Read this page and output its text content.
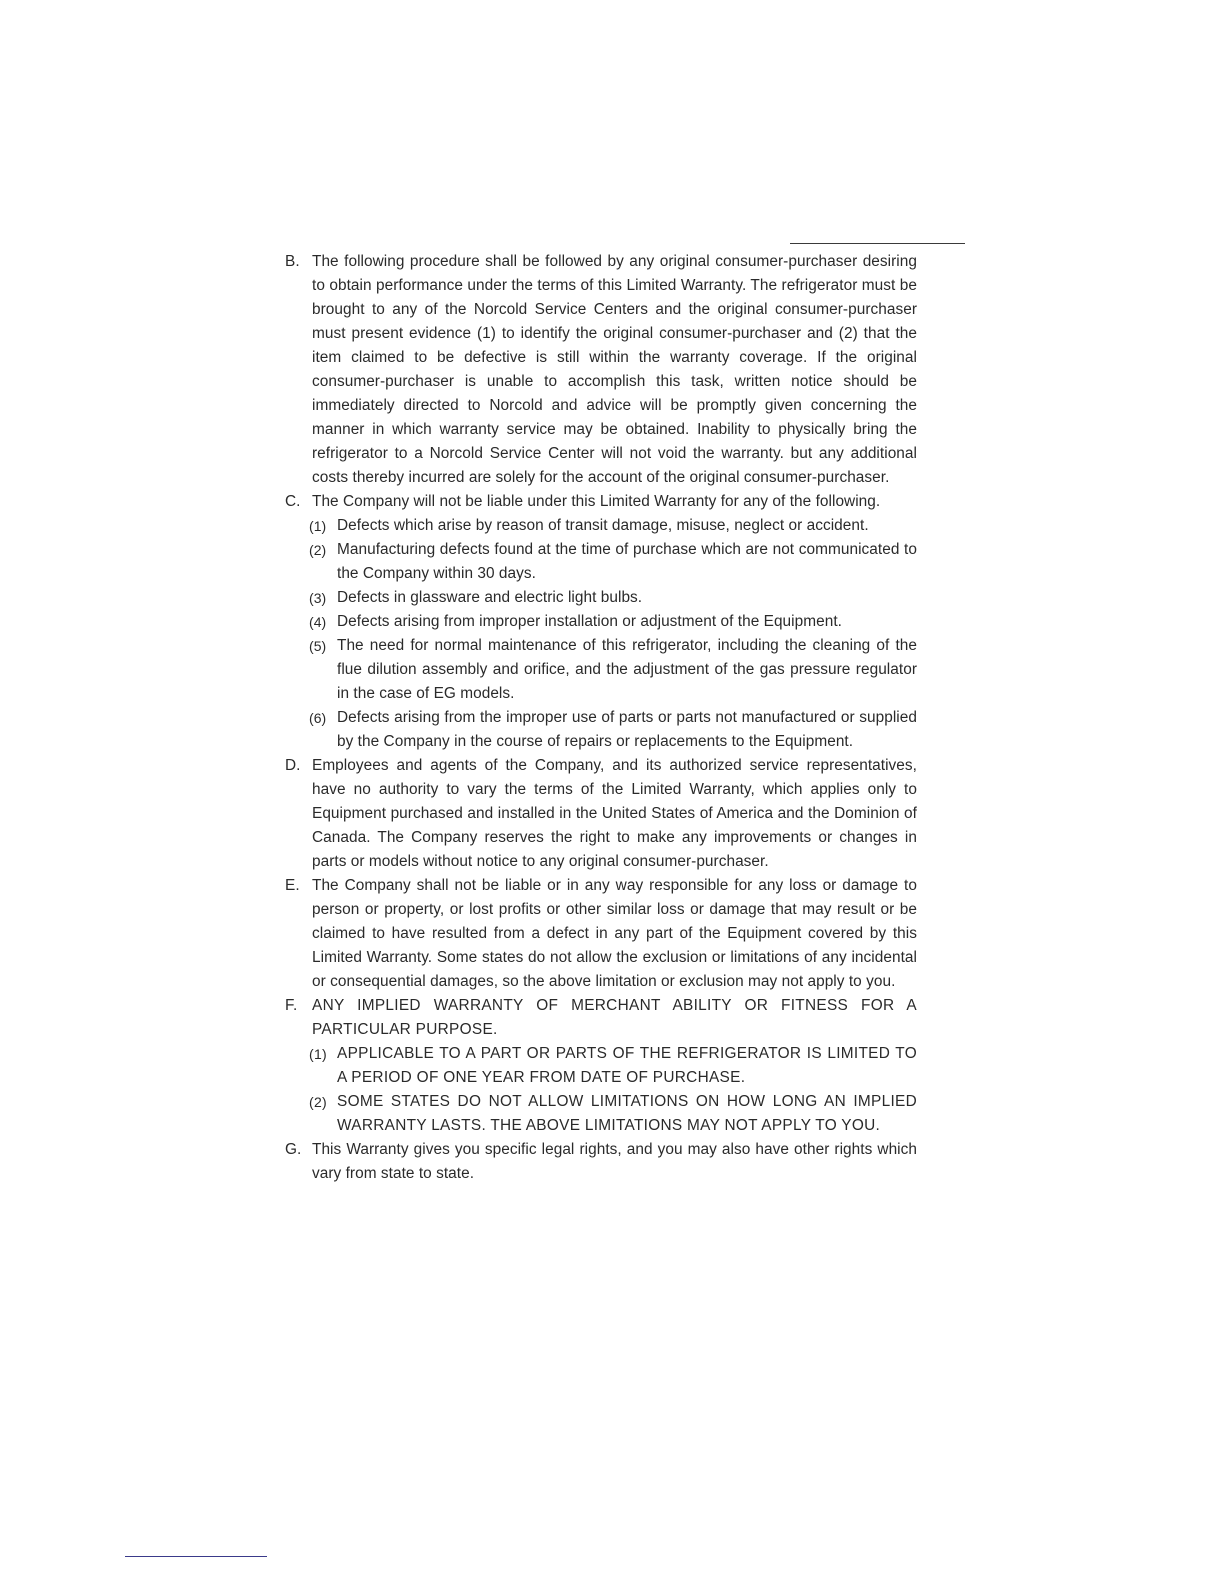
B. The following procedure shall be followed by any original consumer-purchaser desiring to obtain performance under the terms of this Limited Warranty. The refrigerator must be brought to any of the Norcold Service Centers and the original consumer-purchaser must present evidence (1) to identify the original consumer-purchaser and (2) that the item claimed to be defective is still within the warranty coverage. If the original consumer-purchaser is unable to accomplish this task, written notice should be immediately directed to Norcold and advice will be promptly given concerning the manner in which warranty service may be obtained. Inability to physically bring the refrigerator to a Norcold Service Center will not void the warranty. but any additional costs thereby incurred are solely for the account of the original consumer-purchaser.
C. The Company will not be liable under this Limited Warranty for any of the following.
(1) Defects which arise by reason of transit damage, misuse, neglect or accident.
(2) Manufacturing defects found at the time of purchase which are not communicated to the Company within 30 days.
(3) Defects in glassware and electric light bulbs.
(4) Defects arising from improper installation or adjustment of the Equipment.
(5) The need for normal maintenance of this refrigerator, including the cleaning of the flue dilution assembly and orifice, and the adjustment of the gas pressure regulator in the case of EG models.
(6) Defects arising from the improper use of parts or parts not manufactured or supplied by the Company in the course of repairs or replacements to the Equipment.
D. Employees and agents of the Company, and its authorized service representatives, have no authority to vary the terms of the Limited Warranty, which applies only to Equipment purchased and installed in the United States of America and the Dominion of Canada. The Company reserves the right to make any improvements or changes in parts or models without notice to any original consumer-purchaser.
E. The Company shall not be liable or in any way responsible for any loss or damage to person or property, or lost profits or other similar loss or damage that may result or be claimed to have resulted from a defect in any part of the Equipment covered by this Limited Warranty. Some states do not allow the exclusion or limitations of any incidental or consequential damages, so the above limitation or exclusion may not apply to you.
F. ANY IMPLIED WARRANTY OF MERCHANT ABILITY OR FITNESS FOR A PARTICULAR PURPOSE.
(1) APPLICABLE TO A PART OR PARTS OF THE REFRIGERATOR IS LIMITED TO A PERIOD OF ONE YEAR FROM DATE OF PURCHASE.
(2) SOME STATES DO NOT ALLOW LIMITATIONS ON HOW LONG AN IMPLIED WARRANTY LASTS. THE ABOVE LIMITATIONS MAY NOT APPLY TO YOU.
G. This Warranty gives you specific legal rights, and you may also have other rights which vary from state to state.
